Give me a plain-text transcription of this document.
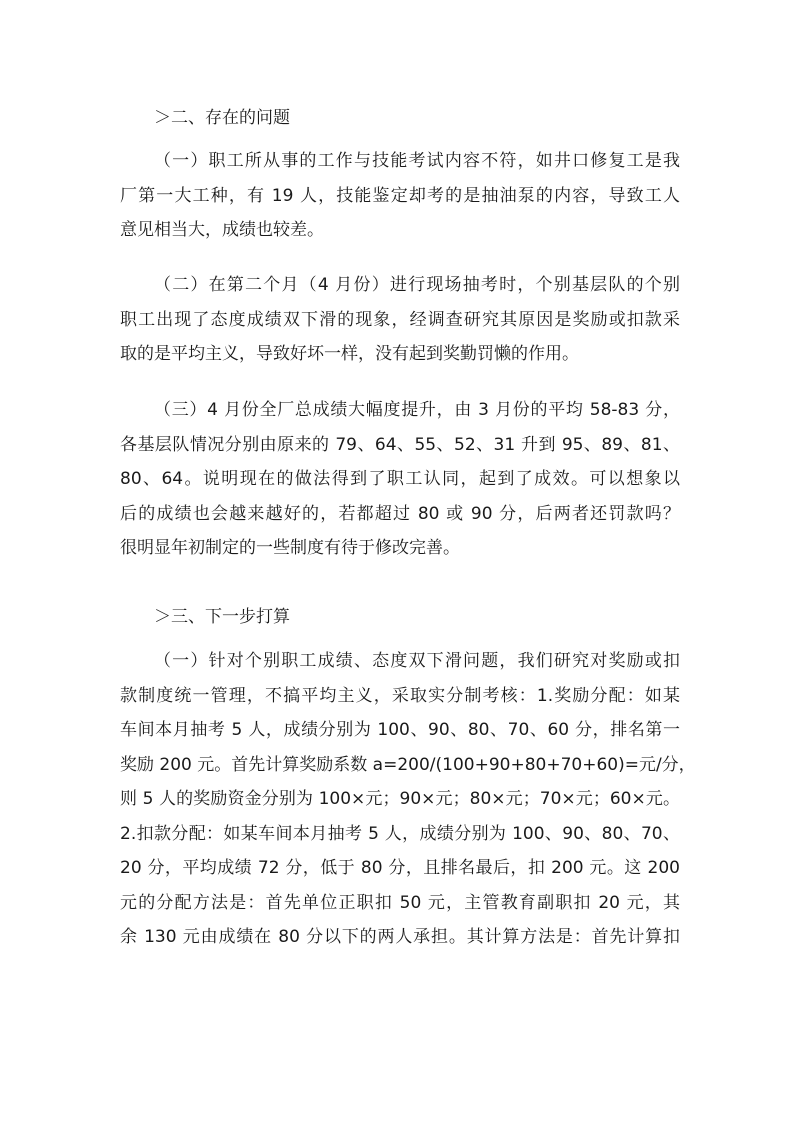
＞二、存在的问题
（一）职工所从事的工作与技能考试内容不符，如井口修复工是我
厂第一大工种，有 19 人，技能鉴定却考的是抽油泵的内容，导致工人
意见相当大，成绩也较差。
（二）在第二个月（4 月份）进行现场抽考时，个别基层队的个别
职工出现了态度成绩双下滑的现象，经调查研究其原因是奖励或扣款采
取的是平均主义，导致好坏一样，没有起到奖勤罚懒的作用。
（三）4 月份全厂总成绩大幅度提升，由 3 月份的平均 58-83 分，
各基层队情况分别由原来的 79、64、55、52、31 升到 95、89、81、
80、64。说明现在的做法得到了职工认同，起到了成效。可以想象以
后的成绩也会越来越好的，若都超过 80 或 90 分，后两者还罚款吗？
很明显年初制定的一些制度有待于修改完善。
＞三、下一步打算
（一）针对个别职工成绩、态度双下滑问题，我们研究对奖励或扣
款制度统一管理，不搞平均主义，采取实分制考核：1.奖励分配：如某
车间本月抽考 5 人，成绩分别为 100、90、80、70、60 分，排名第一
奖励 200 元。首先计算奖励系数 a=200/(100+90+80+70+60)=元/分，
则 5 人的奖励资金分别为 100×元；90×元；80×元；70×元；60×元。
2.扣款分配：如某车间本月抽考 5 人，成绩分别为 100、90、80、70、
20 分，平均成绩 72 分，低于 80 分，且排名最后，扣 200 元。这 200
元的分配方法是：首先单位正职扣 50 元，主管教育副职扣 20 元，其
余 130 元由成绩在 80 分以下的两人承担。其计算方法是：首先计算扣
